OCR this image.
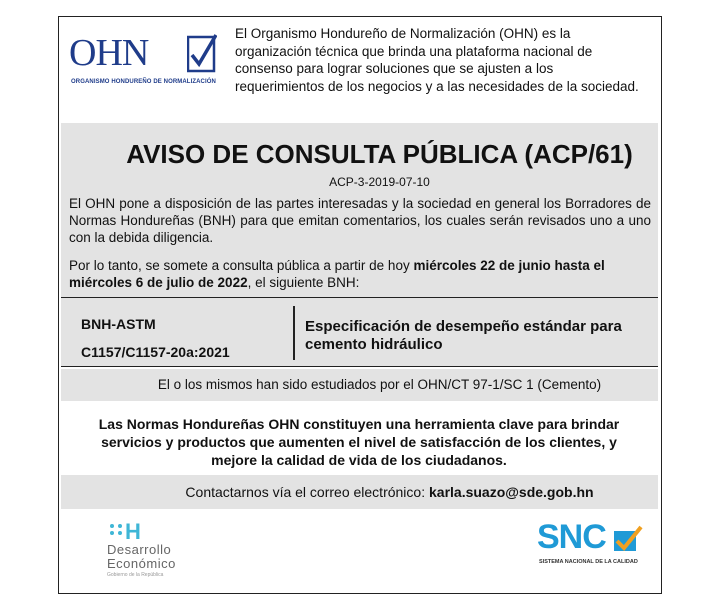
OHN
ORGANISMO HONDUREÑO DE NORMALIZACIÓN
El Organismo Hondureño de Normalización (OHN) es la organización técnica que brinda una plataforma nacional de consenso para lograr soluciones que se ajusten a los requerimientos de los negocios y a las necesidades de la sociedad.
AVISO DE CONSULTA PÚBLICA (ACP/61)
ACP-3-2019-07-10
El OHN pone a disposición de las partes interesadas y la sociedad en general los Borradores de Normas Hondureñas (BNH) para que emitan comentarios, los cuales serán revisados uno a uno con la debida diligencia.
Por lo tanto, se somete a consulta pública a partir de hoy miércoles 22 de junio hasta el miércoles 6 de julio de 2022, el siguiente BNH:
BNH-ASTM
C1157/C1157-20a:2021
Especificación de desempeño estándar para cemento hidráulico
El o los mismos han sido estudiados por el OHN/CT 97-1/SC 1 (Cemento)
Las Normas Hondureñas OHN constituyen una herramienta clave para brindar servicios y productos que aumenten el nivel de satisfacción de los clientes, y mejore la calidad de vida de los ciudadanos.
Contactarnos vía el correo electrónico: karla.suazo@sde.gob.hn
H
Desarrollo
Económico
Gobierno de la República
SNC
SISTEMA NACIONAL DE LA CALIDAD
